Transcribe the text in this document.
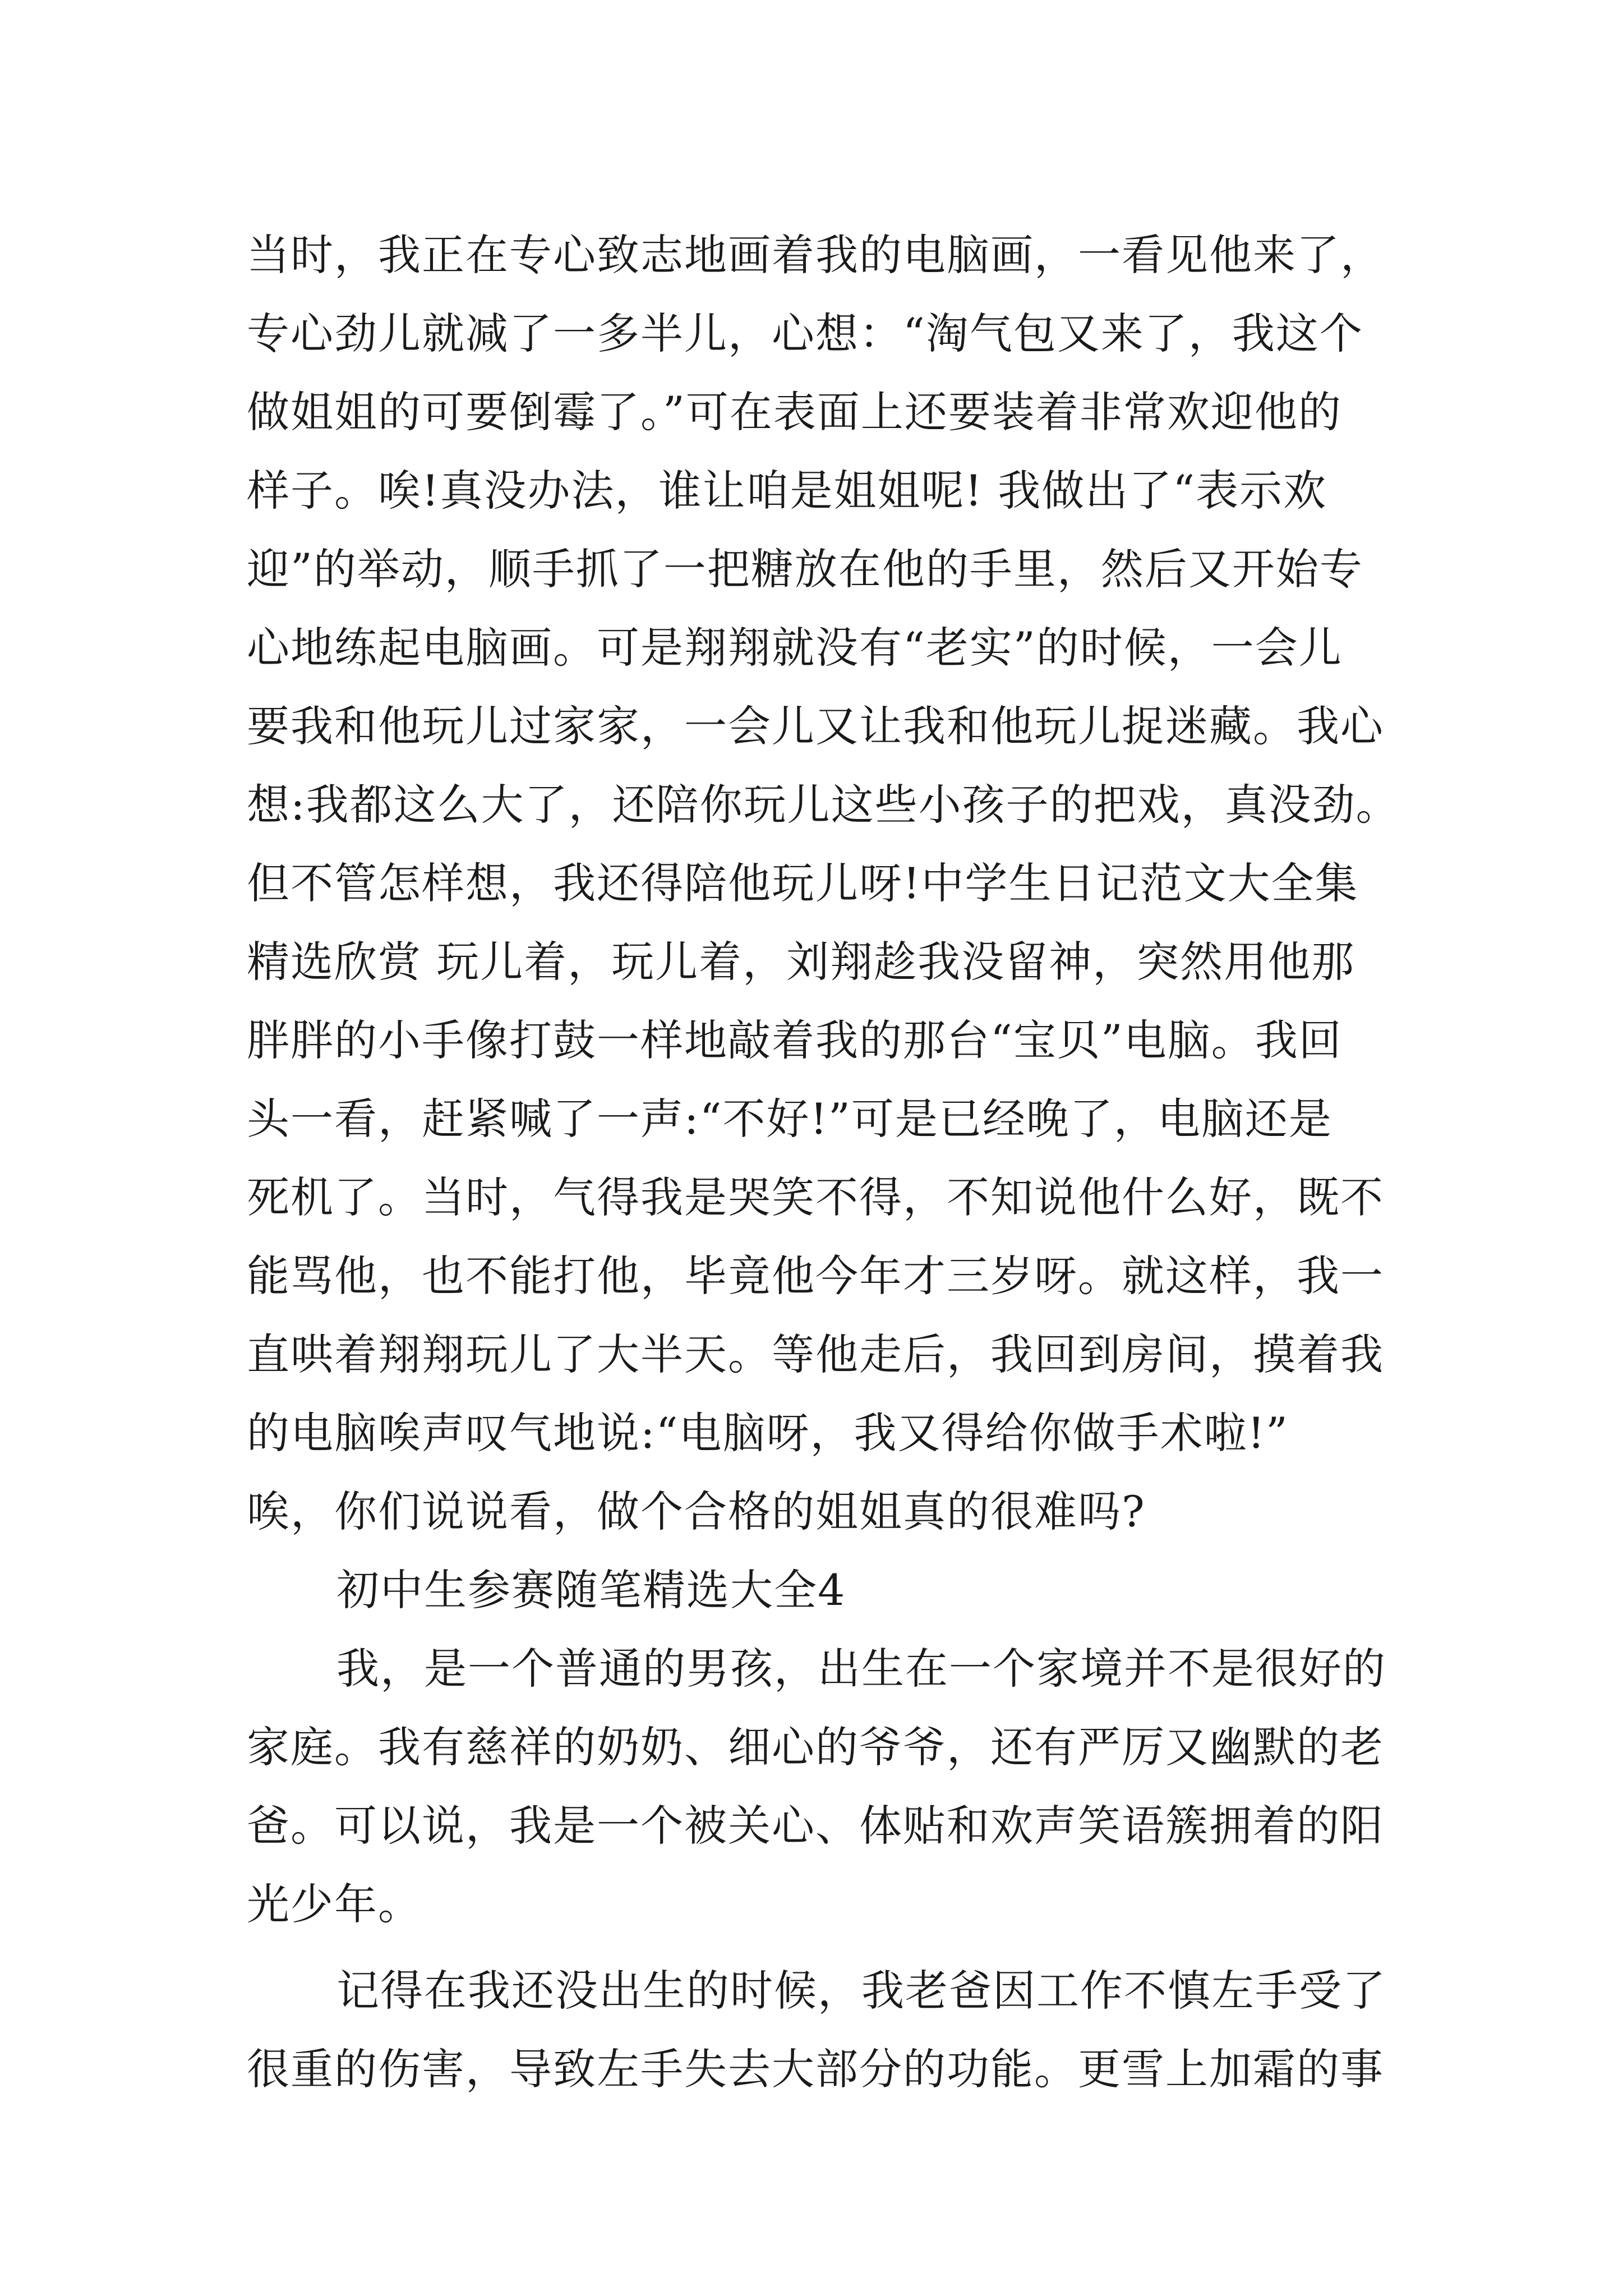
当时，我正在专心致志地画着我的电脑画，一看见他来了，
专心劲儿就减了一多半儿，心想：“淘气包又来了，我这个
做姐姐的可要倒霉了。”可在表面上还要装着非常欢迎他的
样子。唉!真没办法，谁让咱是姐姐呢! 我做出了“表示欢
迎”的举动，顺手抓了一把糖放在他的手里，然后又开始专
心地练起电脑画。可是翔翔就没有“老实”的时候，一会儿
要我和他玩儿过家家，一会儿又让我和他玩儿捉迷藏。我心
想:我都这么大了，还陪你玩儿这些小孩子的把戏，真没劲。
但不管怎样想，我还得陪他玩儿呀!中学生日记范文大全集
精选欣赏 玩儿着，玩儿着，刘翔趁我没留神，突然用他那
胖胖的小手像打鼓一样地敲着我的那台“宝贝”电脑。我回
头一看，赶紧喊了一声:“不好!”可是已经晚了，电脑还是
死机了。当时，气得我是哭笑不得，不知说他什么好，既不
能骂他，也不能打他，毕竟他今年才三岁呀。就这样，我一
直哄着翔翔玩儿了大半天。等他走后，我回到房间，摸着我
的电脑唉声叹气地说:“电脑呀，我又得给你做手术啦!”
唉，你们说说看，做个合格的姐姐真的很难吗?
初中生参赛随笔精选大全4
我，是一个普通的男孩，出生在一个家境并不是很好的
家庭。我有慈祥的奶奶、细心的爷爷，还有严厉又幽默的老
爸。可以说，我是一个被关心、体贴和欢声笑语簇拥着的阳
光少年。
记得在我还没出生的时候，我老爸因工作不慎左手受了
很重的伤害，导致左手失去大部分的功能。更雪上加霜的事
